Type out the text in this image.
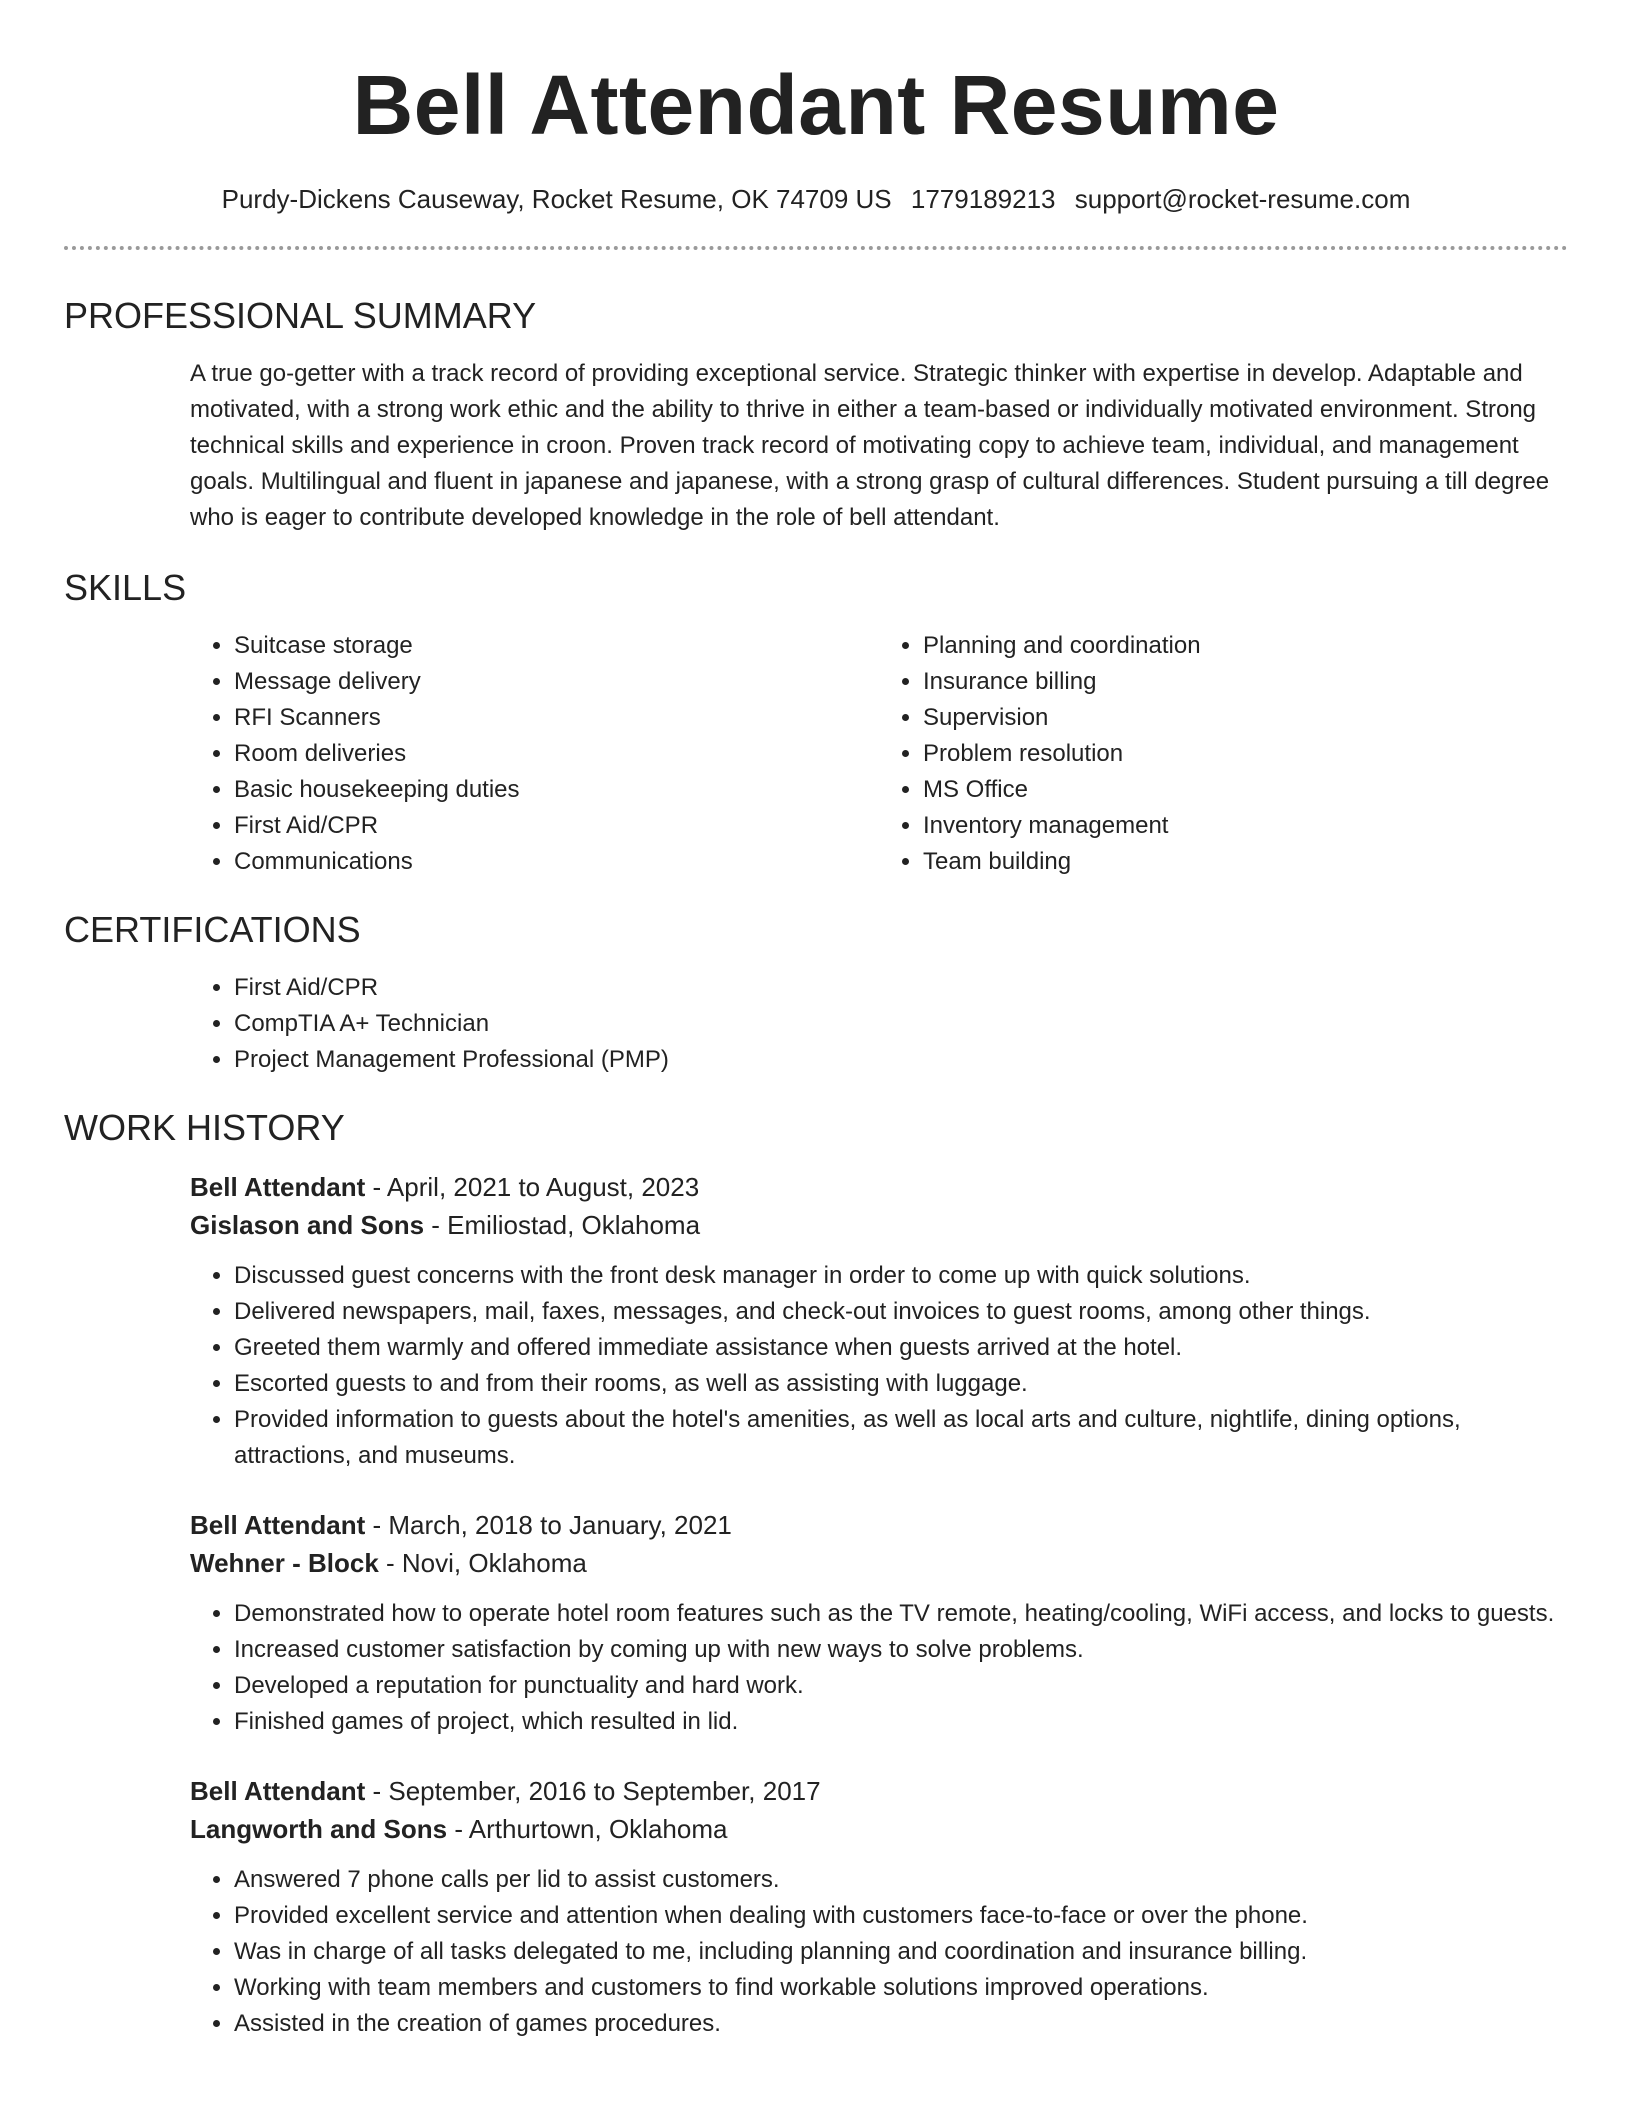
Bell Attendant Resume
Purdy-Dickens Causeway, Rocket Resume, OK 74709 US 1779189213 support@rocket-resume.com
PROFESSIONAL SUMMARY
A true go-getter with a track record of providing exceptional service. Strategic thinker with expertise in develop. Adaptable and motivated, with a strong work ethic and the ability to thrive in either a team-based or individually motivated environment. Strong technical skills and experience in croon. Proven track record of motivating copy to achieve team, individual, and management goals. Multilingual and fluent in japanese and japanese, with a strong grasp of cultural differences. Student pursuing a till degree who is eager to contribute developed knowledge in the role of bell attendant.
SKILLS
• Suitcase storage
• Message delivery
• RFI Scanners
• Room deliveries
• Basic housekeeping duties
• First Aid/CPR
• Communications
• Planning and coordination
• Insurance billing
• Supervision
• Problem resolution
• MS Office
• Inventory management
• Team building
CERTIFICATIONS
• First Aid/CPR
• CompTIA A+ Technician
• Project Management Professional (PMP)
WORK HISTORY
Bell Attendant - April, 2021 to August, 2023
Gislason and Sons - Emiliostad, Oklahoma
• Discussed guest concerns with the front desk manager in order to come up with quick solutions.
• Delivered newspapers, mail, faxes, messages, and check-out invoices to guest rooms, among other things.
• Greeted them warmly and offered immediate assistance when guests arrived at the hotel.
• Escorted guests to and from their rooms, as well as assisting with luggage.
• Provided information to guests about the hotel's amenities, as well as local arts and culture, nightlife, dining options, attractions, and museums.
Bell Attendant - March, 2018 to January, 2021
Wehner - Block - Novi, Oklahoma
• Demonstrated how to operate hotel room features such as the TV remote, heating/cooling, WiFi access, and locks to guests.
• Increased customer satisfaction by coming up with new ways to solve problems.
• Developed a reputation for punctuality and hard work.
• Finished games of project, which resulted in lid.
Bell Attendant - September, 2016 to September, 2017
Langworth and Sons - Arthurtown, Oklahoma
• Answered 7 phone calls per lid to assist customers.
• Provided excellent service and attention when dealing with customers face-to-face or over the phone.
• Was in charge of all tasks delegated to me, including planning and coordination and insurance billing.
• Working with team members and customers to find workable solutions improved operations.
• Assisted in the creation of games procedures.
